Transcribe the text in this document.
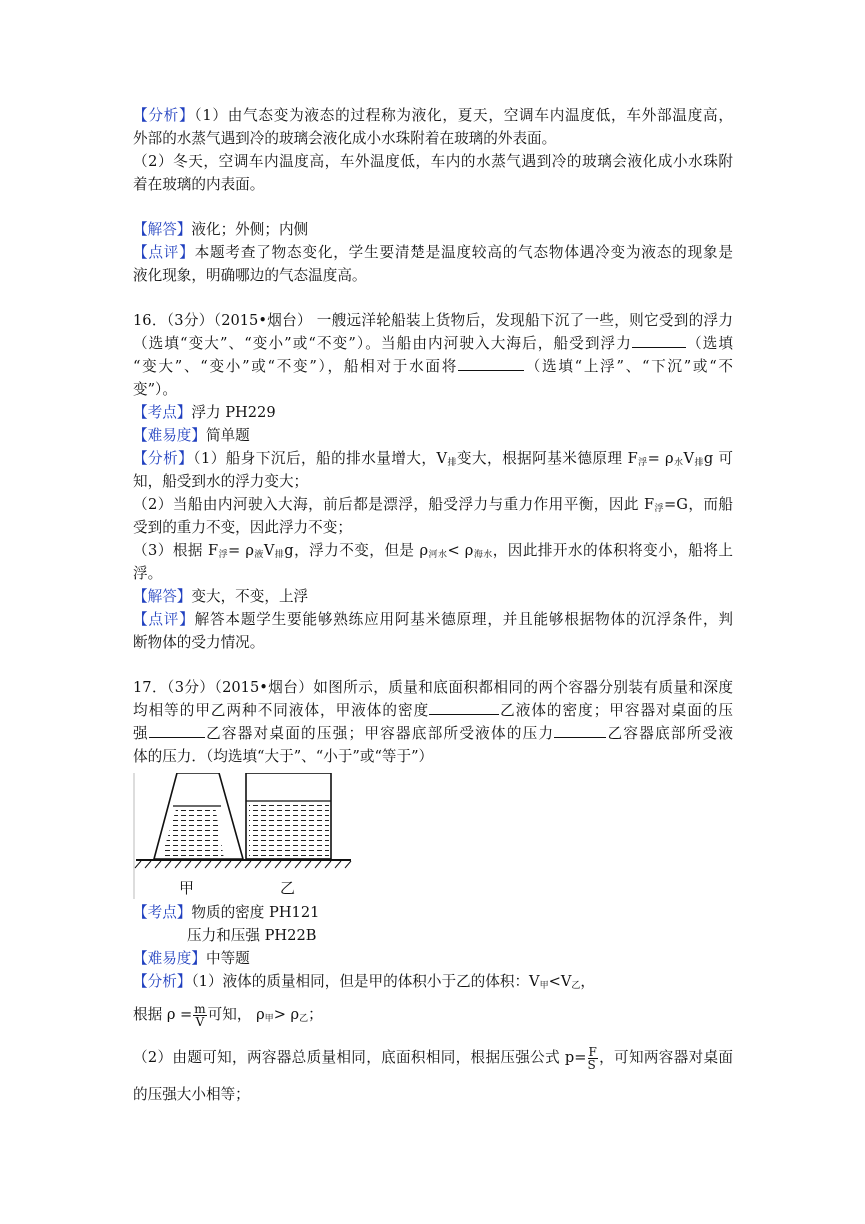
【分析】（1）由气态变为液态的过程称为液化，夏天，空调车内温度低，车外部温度高，
外部的水蒸气遇到冷的玻璃会液化成小水珠附着在玻璃的外表面。
（2）冬天，空调车内温度高，车外温度低，车内的水蒸气遇到冷的玻璃会液化成小水珠附
着在玻璃的内表面。
【解答】液化；外侧；内侧
【点评】本题考查了物态变化，学生要清楚是温度较高的气态物体遇冷变为液态的现象是
液化现象，明确哪边的气态温度高。
16．（3分）（2015•烟台） 一艘远洋轮船装上货物后，发现船下沉了一些，则它受到的浮力
（选填“变大”、“变小”或“不变”）。当船由内河驶入大海后，船受到浮力	（选填
“变大”、“变小”或“不变”），船相对于水面将	（选填“上浮”、“下沉”或“不
变”）。
【考点】浮力 PH229
【难易度】简单题
【分析】（1）船身下沉后，船的排水量增大，$V_排$变大，根据阿基米德原理 $F_浮= \rho_水V_排g$ 可
知，船受到水的浮力变大；
（2）当船由内河驶入大海，前后都是漂浮，船受浮力与重力作用平衡，因此 $F_浮=G$，而船
受到的重力不变，因此浮力不变；
（3）根据 $F_浮= \rho_液V_排g$，浮力不变，但是 $\rho_{河水}< \rho_{海水}$，因此排开水的体积将变小，船将上
浮。
【解答】变大，不变，上浮
【点评】解答本题学生要能够熟练应用阿基米德原理，并且能够根据物体的沉浮条件，判
断物体的受力情况。
17．（3分）（2015•烟台）如图所示，质量和底面积都相同的两个容器分别装有质量和深度
均相等的甲乙两种不同液体，甲液体的密度	乙液体的密度；甲容器对桌面的压
强	乙容器对桌面的压强；甲容器底部所受液体的压力	乙容器底部所受液
体的压力．（均选填“大于”、“小于”或“等于”）
甲	乙
【考点】物质的密度 PH121
压力和压强 PH22B
【难易度】中等题
【分析】（1）液体的质量相同，但是甲的体积小于乙的体积：$V_甲<V_乙$，
根据 $\rho = \frac{m}{V}$ 可知， $\rho_甲> \rho_乙$；
（2）由题可知，两容器总质量相同，底面积相同，根据压强公式 $p= \frac{F}{S}$ ，可知两容器对桌面
的压强大小相等；
